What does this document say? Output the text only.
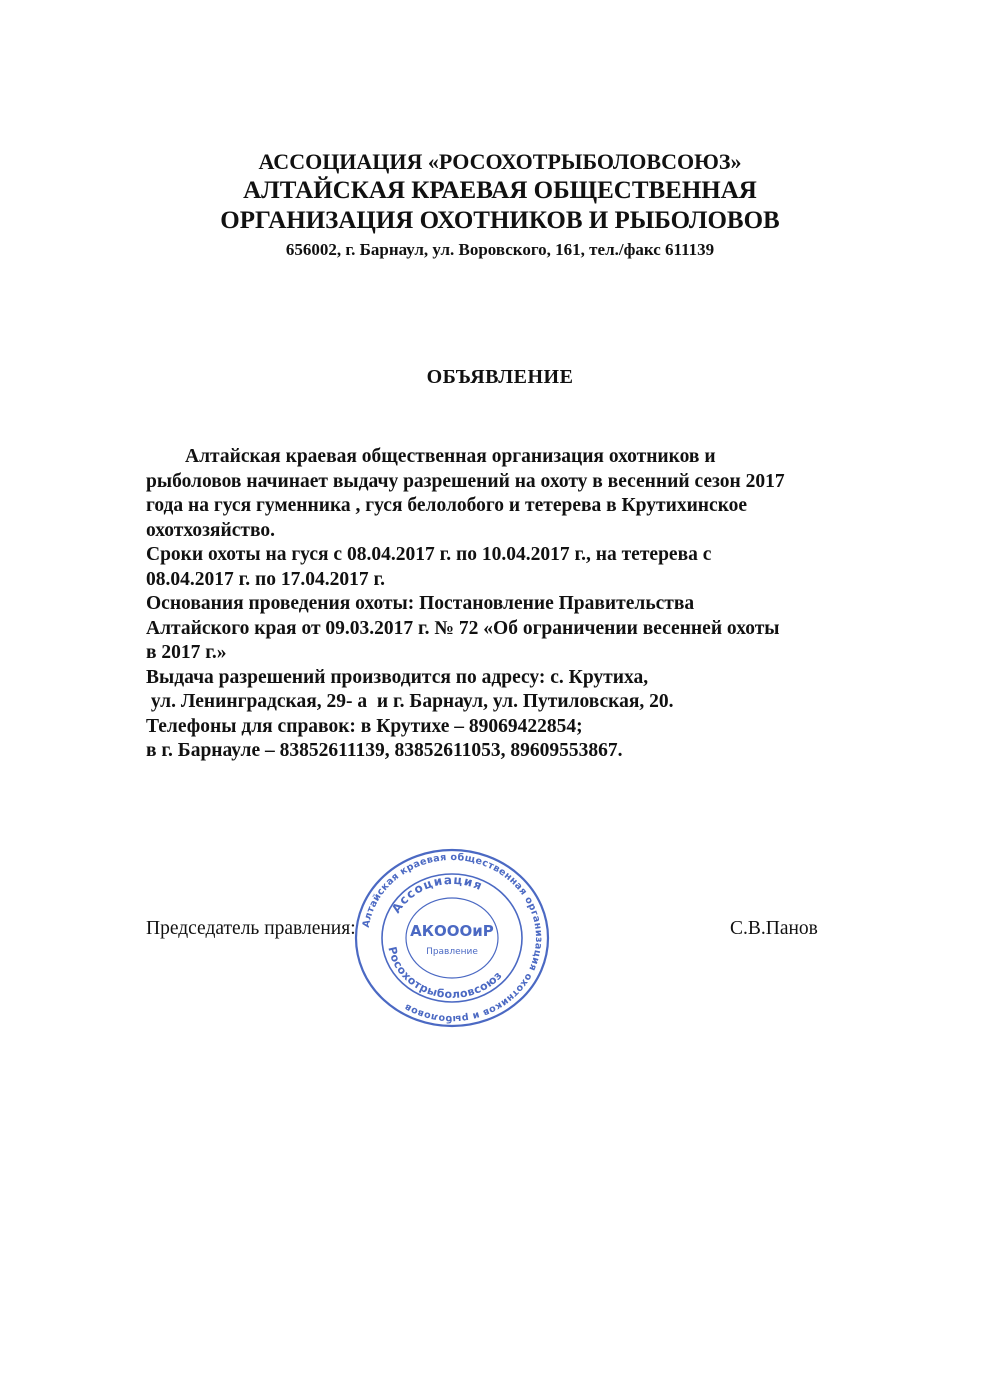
АССОЦИАЦИЯ «РОСОХОТРЫБОЛОВСОЮЗ»
АЛТАЙСКАЯ КРАЕВАЯ ОБЩЕСТВЕННАЯ
ОРГАНИЗАЦИЯ ОХОТНИКОВ И РЫБОЛОВОВ
656002, г. Барнаул, ул. Воровского, 161, тел./факс 611139
ОБЪЯВЛЕНИЕ
Алтайская краевая общественная организация охотников и
рыболовов начинает выдачу разрешений на охоту в весенний сезон 2017
года на гуся гуменника , гуся белолобого и тетерева в Крутихинское
охотхозяйство.
Сроки охоты на гуся с 08.04.2017 г. по 10.04.2017 г., на тетерева с
08.04.2017 г. по 17.04.2017 г.
Основания проведения охоты: Постановление Правительства
Алтайского края от 09.03.2017 г. № 72 «Об ограничении весенней охоты
в 2017 г.»
Выдача разрешений производится по адресу: с. Крутиха,
ул. Ленинградская, 29- а  и г. Барнаул, ул. Путиловская, 20.
Телефоны для справок: в Крутихе – 89069422854;
в г. Барнауле – 83852611139, 83852611053, 89609553867.
Председатель правления:	С.В.Панов
Алтайская краевая общественная организация охотников и рыболовов
Ассоциация
Росохотрыболовсоюз
АКОООиР
Правление
